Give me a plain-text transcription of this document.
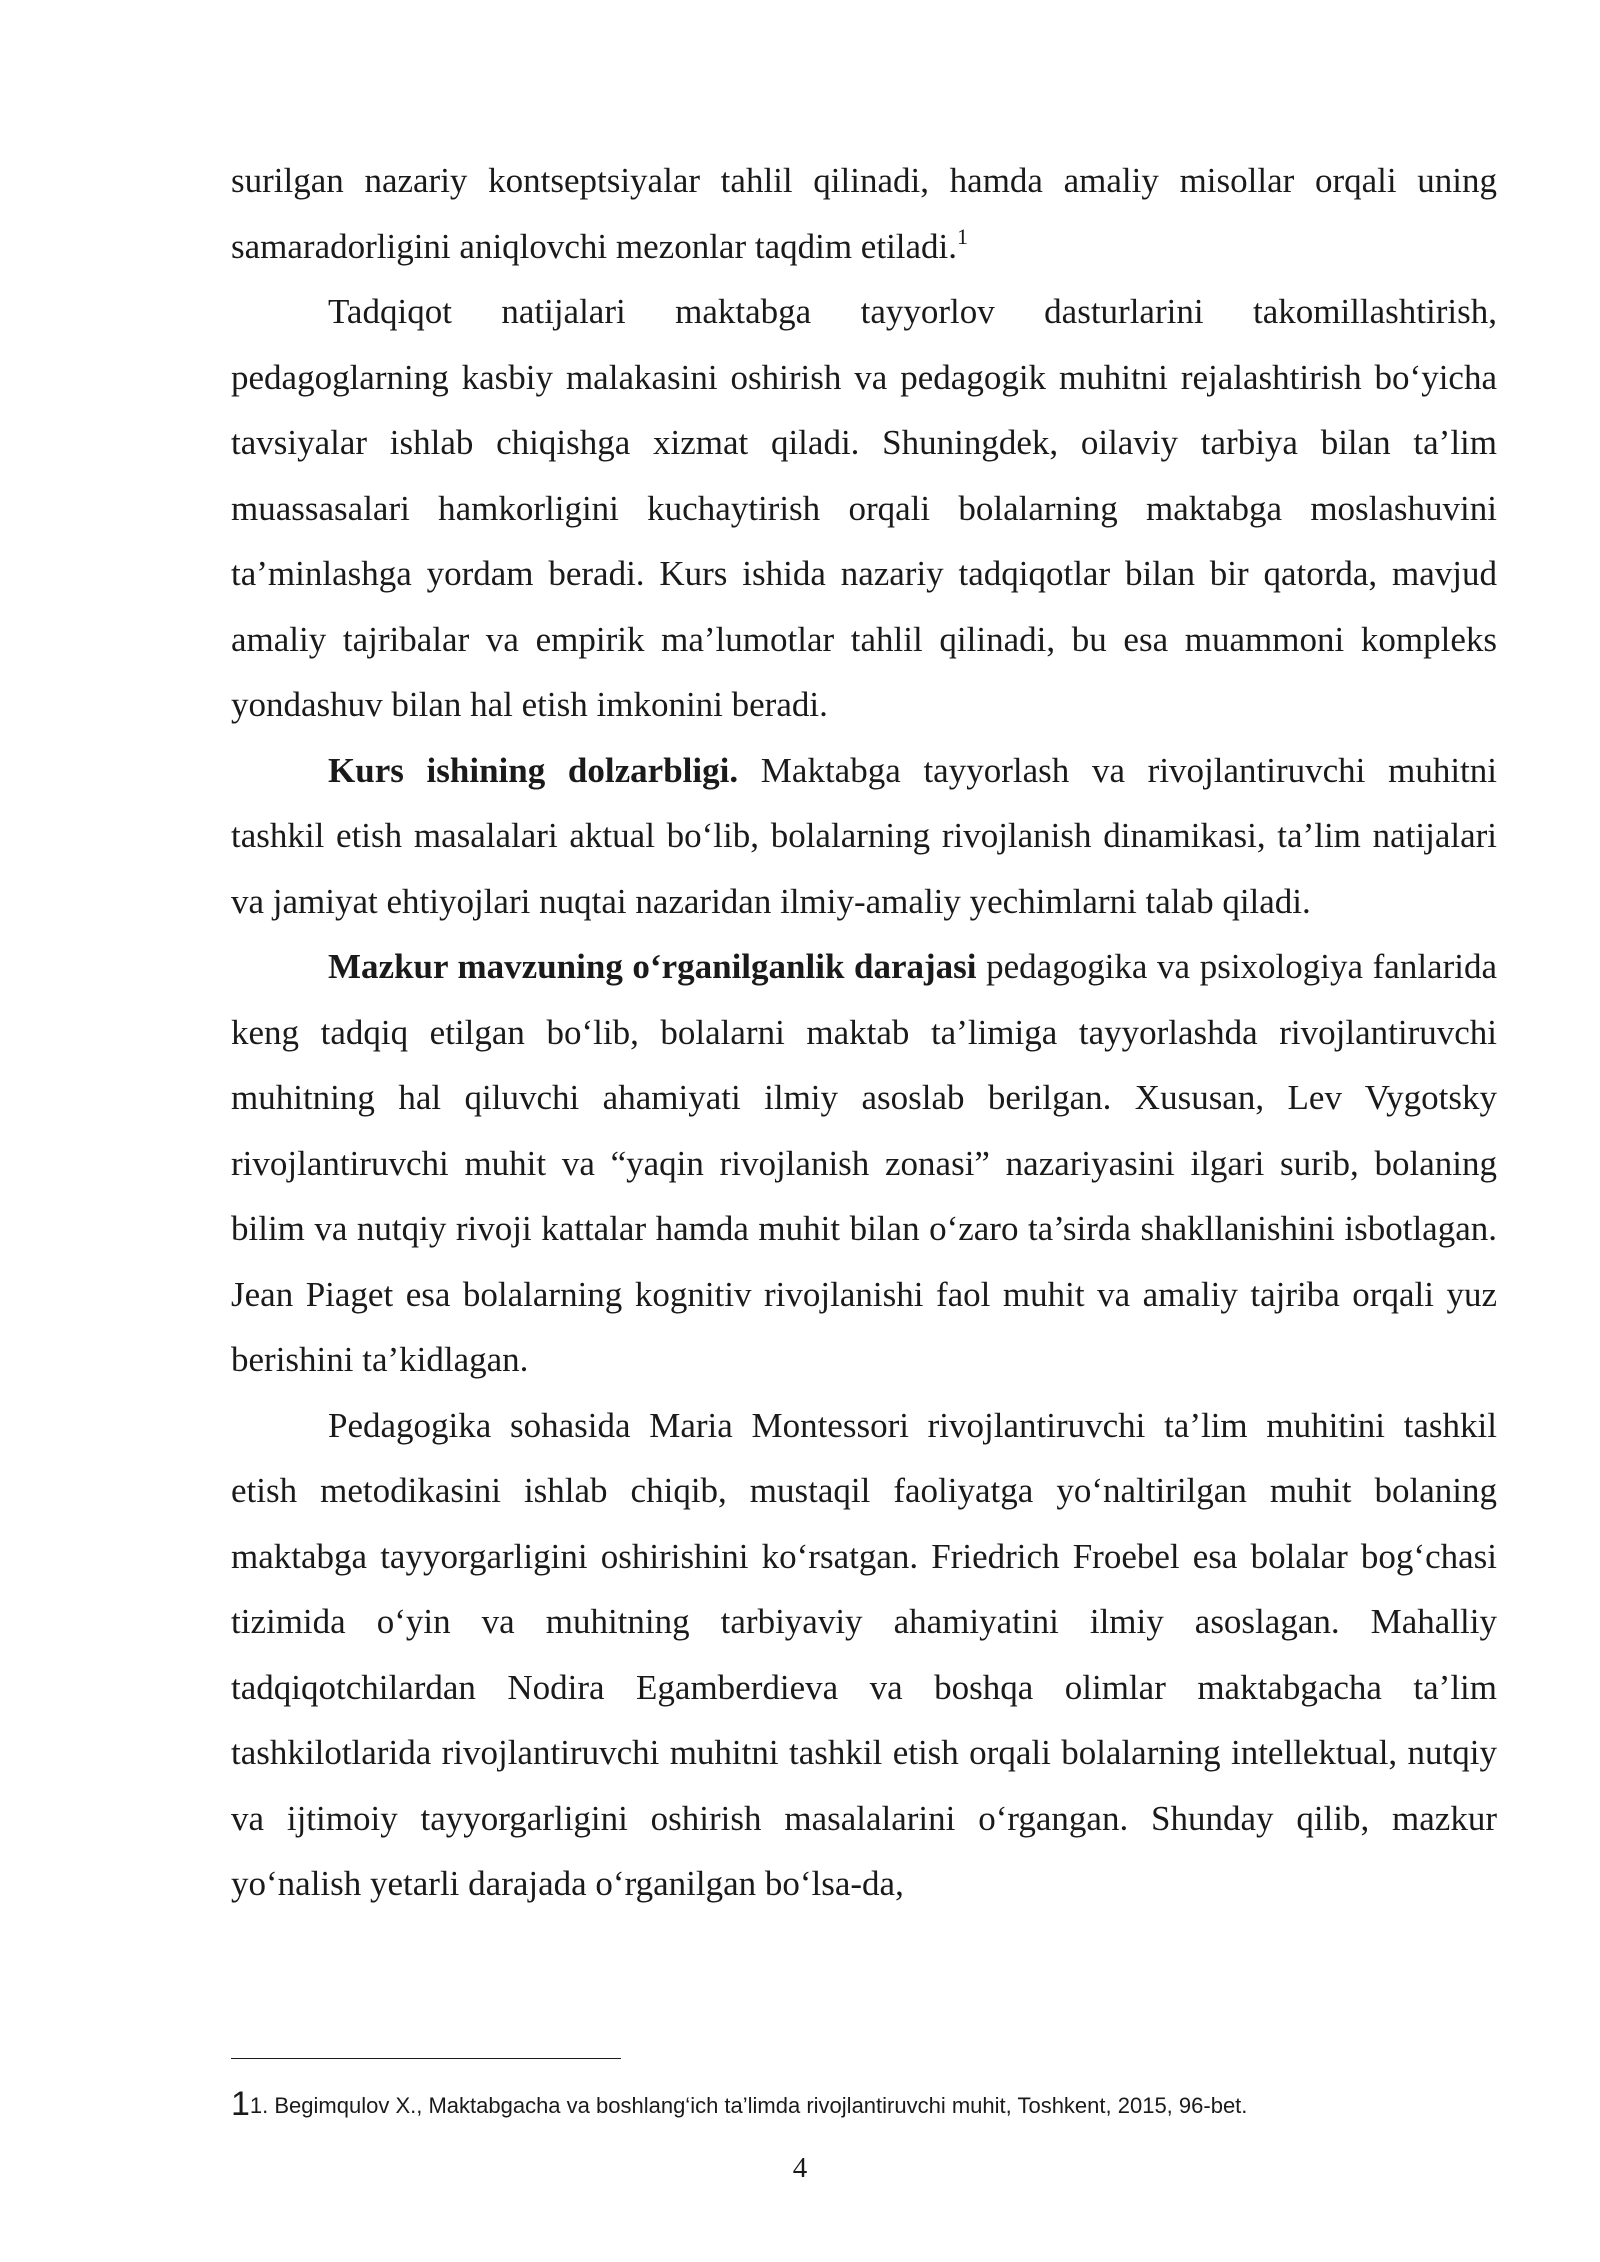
surilgan nazariy kontseptsiyalar tahlil qilinadi, hamda amaliy misollar orqali uning samaradorligini aniqlovchi mezonlar taqdim etiladi.$^1$

Tadqiqot natijalari maktabga tayyorlov dasturlarini takomillashtirish, pedagoglarning kasbiy malakasini oshirish va pedagogik muhitni rejalashtirish bo‘yicha tavsiyalar ishlab chiqishga xizmat qiladi. Shuningdek, oilaviy tarbiya bilan ta’lim muassasalari hamkorligini kuchaytirish orqali bolalarning maktabga moslashuvini ta’minlashga yordam beradi. Kurs ishida nazariy tadqiqotlar bilan bir qatorda, mavjud amaliy tajribalar va empirik ma’lumotlar tahlil qilinadi, bu esa muammoni kompleks yondashuv bilan hal etish imkonini beradi.

Kurs ishining dolzarbligi. Maktabga tayyorlash va rivojlantiruvchi muhitni tashkil etish masalalari aktual bo‘lib, bolalarning rivojlanish dinamikasi, ta’lim natijalari va jamiyat ehtiyojlari nuqtai nazaridan ilmiy-amaliy yechimlarni talab qiladi.

Mazkur mavzuning o‘rganilganlik darajasi pedagogika va psixologiya fanlarida keng tadqiq etilgan bo‘lib, bolalarni maktab ta’limiga tayyorlashda rivojlantiruvchi muhitning hal qiluvchi ahamiyati ilmiy asoslab berilgan. Xususan, Lev Vygotsky rivojlantiruvchi muhit va “yaqin rivojlanish zonasi” nazariyasini ilgari surib, bolaning bilim va nutqiy rivoji kattalar hamda muhit bilan o‘zaro ta’sirda shakllanishini isbotlagan. Jean Piaget esa bolalarning kognitiv rivojlanishi faol muhit va amaliy tajriba orqali yuz berishini ta’kidlagan.

Pedagogika sohasida Maria Montessori rivojlantiruvchi ta’lim muhitini tashkil etish metodikasini ishlab chiqib, mustaqil faoliyatga yo‘naltirilgan muhit bolaning maktabga tayyorgarligini oshirishini ko‘rsatgan. Friedrich Froebel esa bolalar bog‘chasi tizimida o‘yin va muhitning tarbiyaviy ahamiyatini ilmiy asoslagan. Mahalliy tadqiqotchilardan Nodira Egamberdieva va boshqa olimlar maktabgacha ta’lim tashkilotlarida rivojlantiruvchi muhitni tashkil etish orqali bolalarning intellektual, nutqiy va ijtimoiy tayyorgarligini oshirish masalalarini o‘rgangan. Shunday qilib, mazkur yo‘nalish yetarli darajada o‘rganilgan bo‘lsa-da,

11. Begimqulov X., Maktabgacha va boshlang‘ich ta’limda rivojlantiruvchi muhit, Toshkent, 2015, 96-bet.
4
